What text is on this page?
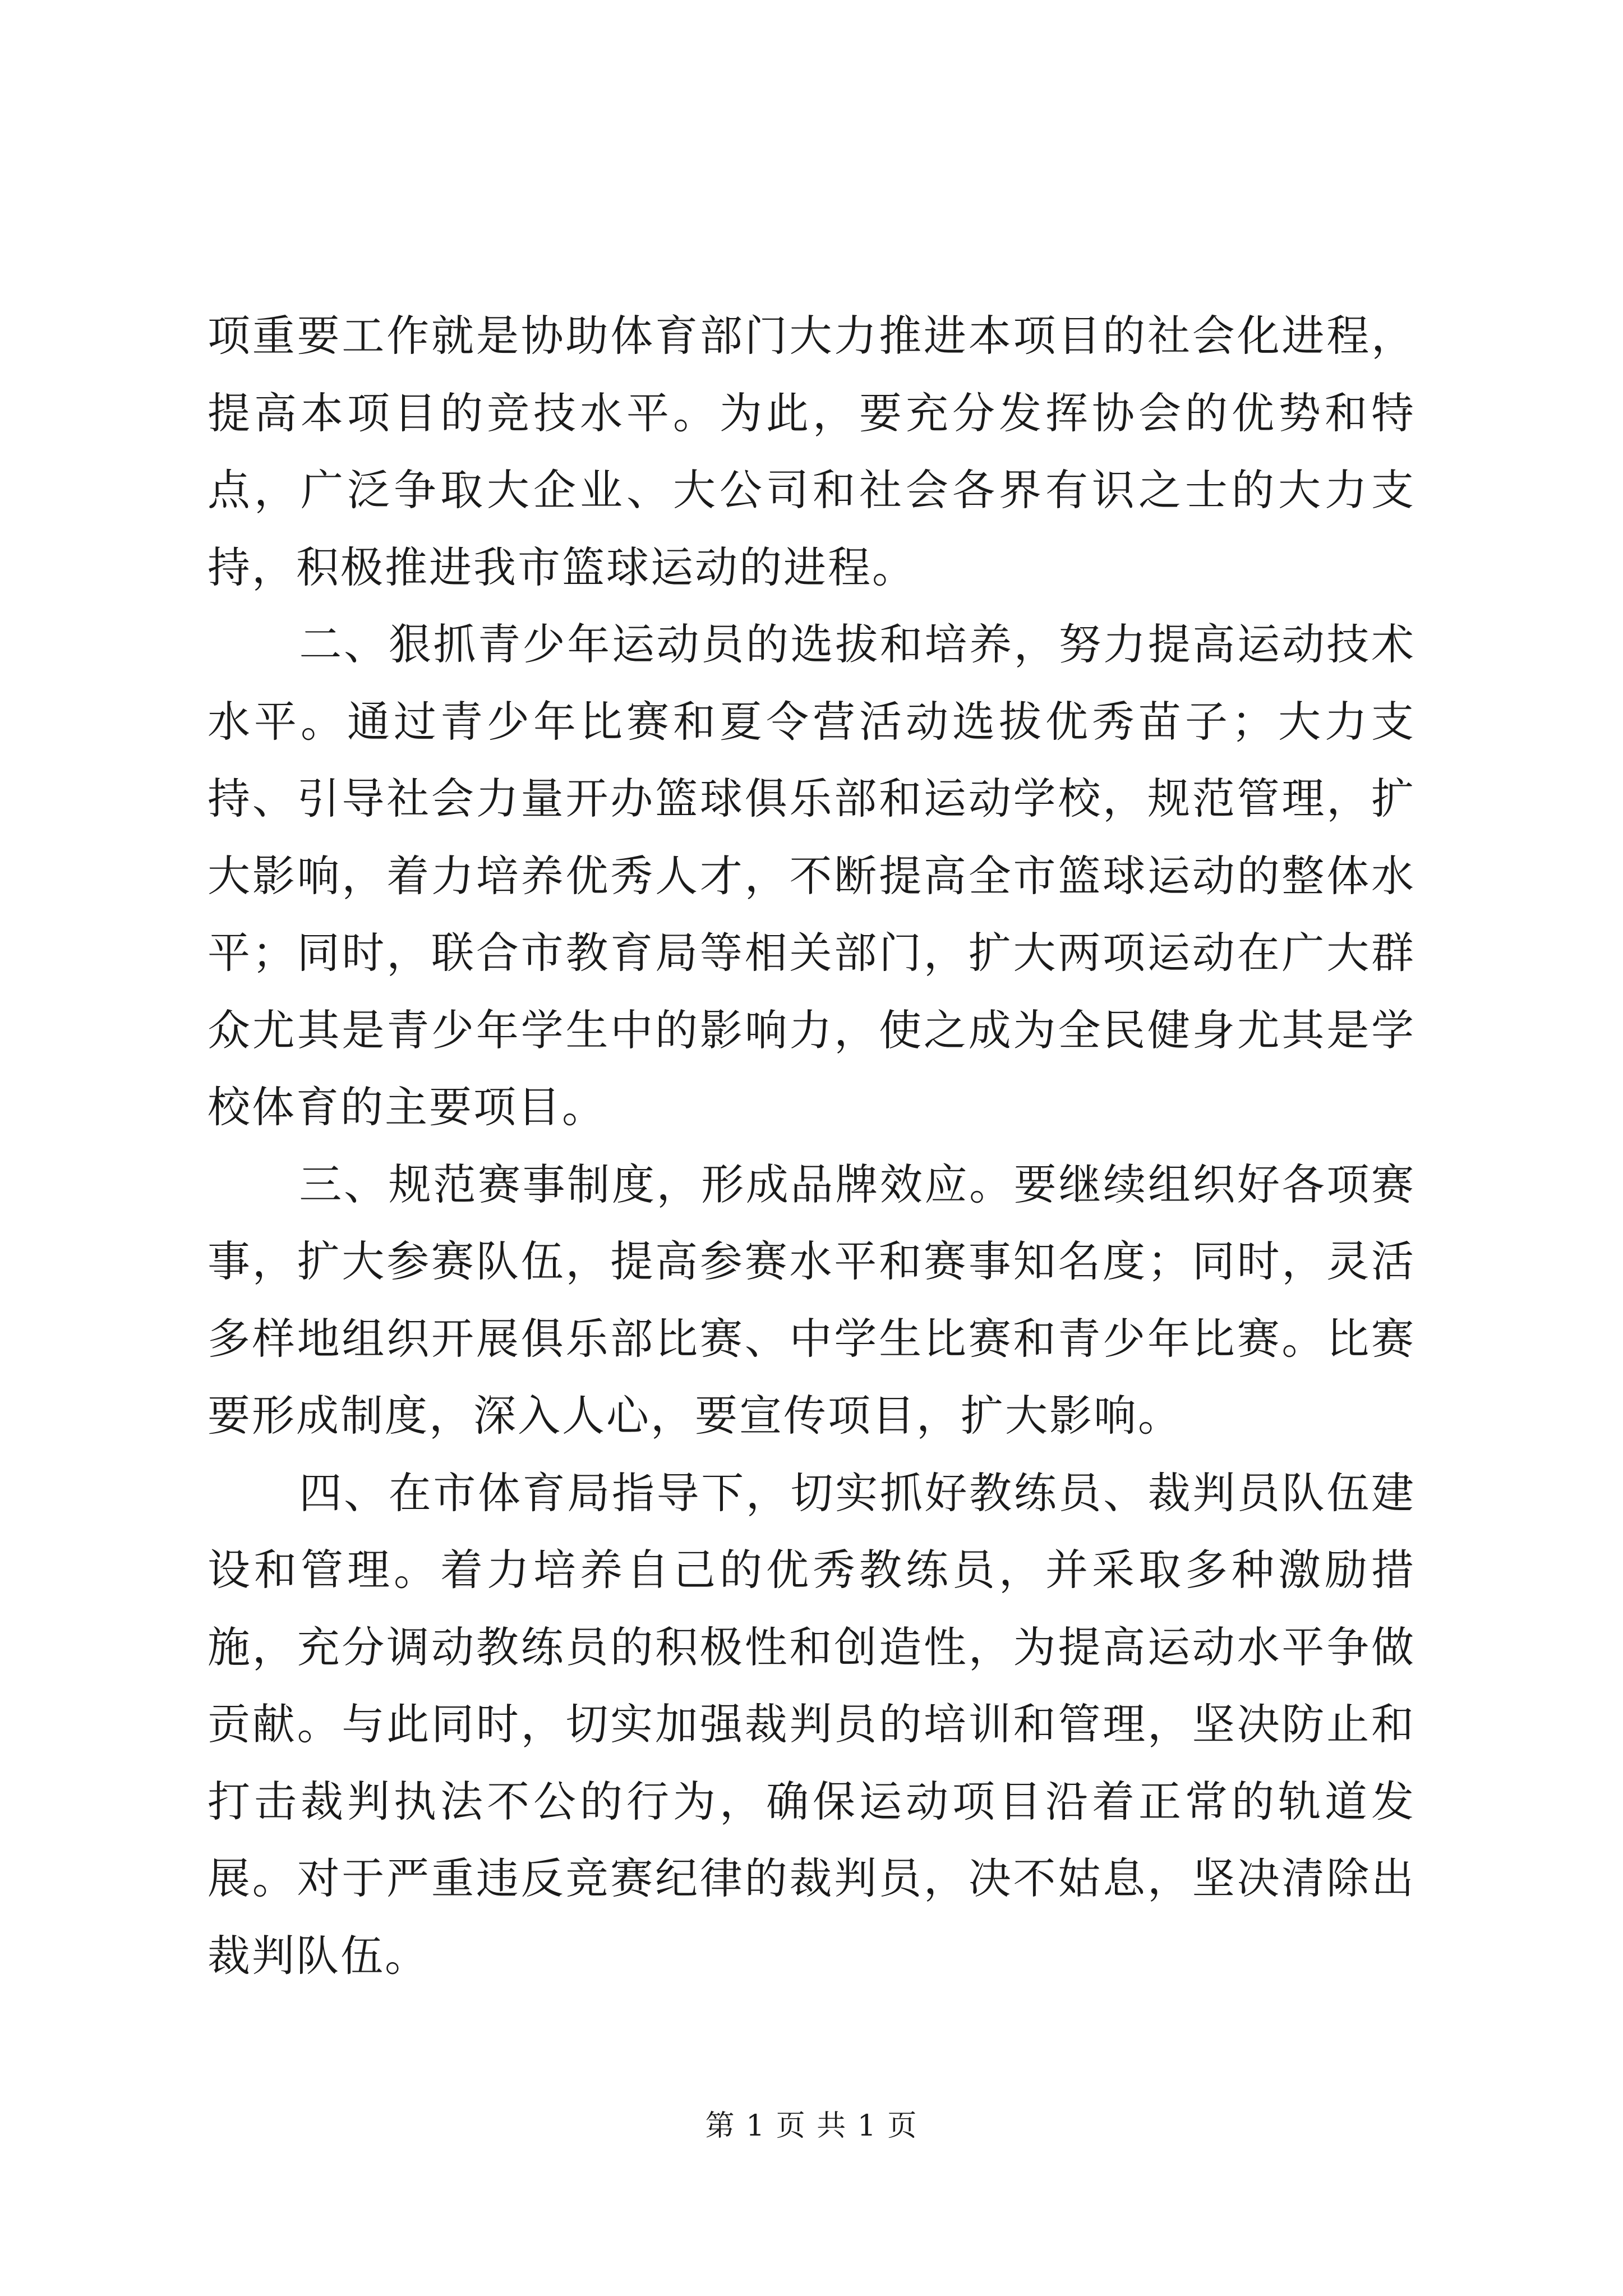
项重要工作就是协助体育部门大力推进本项目的社会化进程，提高本项目的竞技水平。为此，要充分发挥协会的优势和特点，广泛争取大企业、大公司和社会各界有识之士的大力支持，积极推进我市篮球运动的进程。

二、狠抓青少年运动员的选拔和培养，努力提高运动技术水平。通过青少年比赛和夏令营活动选拔优秀苗子；大力支持、引导社会力量开办篮球俱乐部和运动学校，规范管理，扩大影响，着力培养优秀人才，不断提高全市篮球运动的整体水平；同时，联合市教育局等相关部门，扩大两项运动在广大群众尤其是青少年学生中的影响力，使之成为全民健身尤其是学校体育的主要项目。

三、规范赛事制度，形成品牌效应。要继续组织好各项赛事，扩大参赛队伍，提高参赛水平和赛事知名度；同时，灵活多样地组织开展俱乐部比赛、中学生比赛和青少年比赛。比赛要形成制度，深入人心，要宣传项目，扩大影响。

四、在市体育局指导下，切实抓好教练员、裁判员队伍建设和管理。着力培养自己的优秀教练员，并采取多种激励措施，充分调动教练员的积极性和创造性，为提高运动水平争做贡献。与此同时，切实加强裁判员的培训和管理，坚决防止和打击裁判执法不公的行为，确保运动项目沿着正常的轨道发展。对于严重违反竞赛纪律的裁判员，决不姑息，坚决清除出裁判队伍。

第 1 页 共 1 页
